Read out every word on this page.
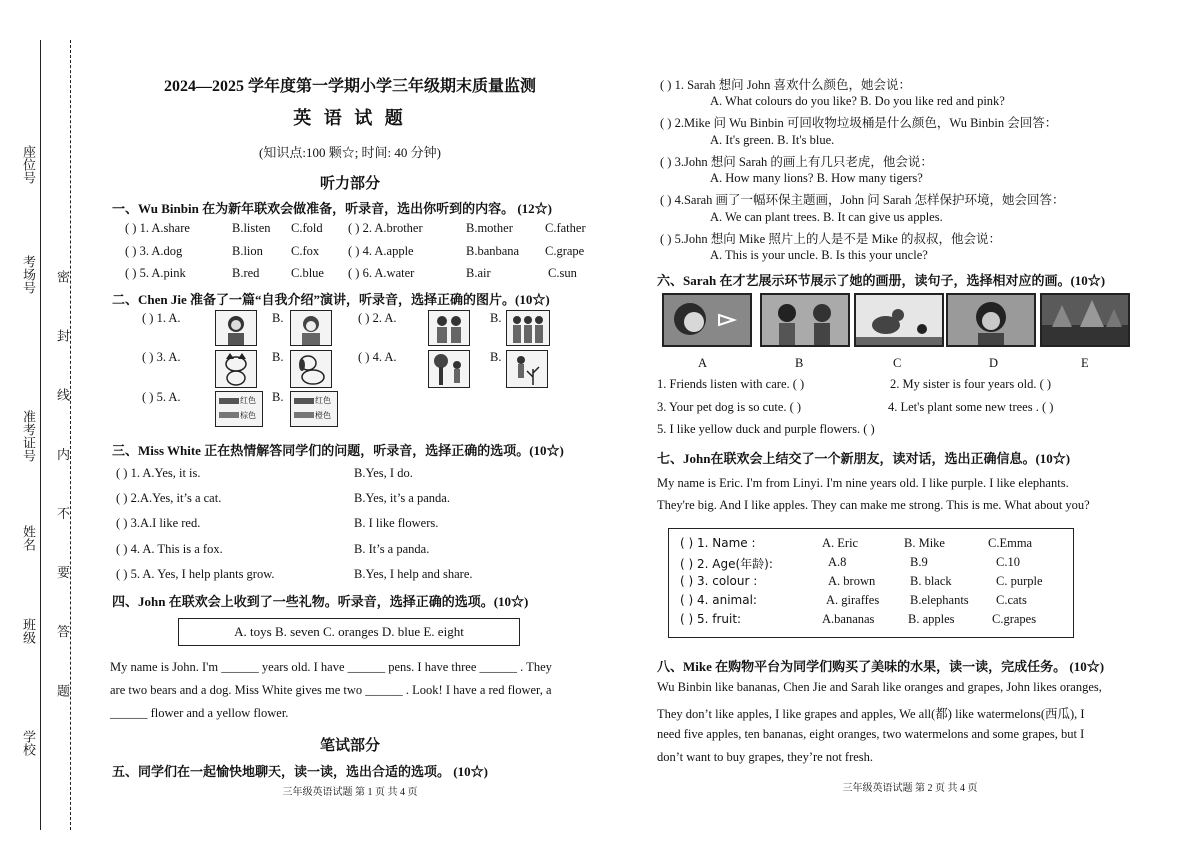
座位号
考场号
准考证号
姓名
班级
学校
密 封 线 内 不 要 答 题
2024—2025 学年度第一学期小学三年级期末质量监测
英 语 试 题
(知识点:100 颗☆; 时间: 40 分钟)
听力部分
一、Wu Binbin 在为新年联欢会做准备，听录音，选出你听到的内容。 (12☆)
( ) 1. A.share	B.listen C.fold ( ) 2. A.brother	B.mother	C.father
( ) 3. A.dog	B.lion C.fox ( ) 4. A.apple	B.banbana C.grape
( ) 5. A.pink	B.red	C.blue ( ) 6. A.water	B.air	C.sun
二、Chen Jie 准备了一篇“自我介绍”演讲，听录音，选择正确的图片。(10☆)
( ) 1. A.	B.	( ) 2. A.	B.
( ) 3. A.	B.	( ) 4. A.	B.
( ) 5. A.	红色
棕色
B.	红色
橙色
三、Miss White 正在热情解答同学们的问题，听录音，选择正确的选项。(10☆)
( ) 1. A.Yes, it is.	B.Yes, I do.
( ) 2.A.Yes, it’s a cat.	B.Yes, it’s a panda.
( ) 3.A.I like red.	B. I like flowers.
( ) 4. A. This is a fox.	B. It’s a panda.
( ) 5. A. Yes, I help plants grow.	B.Yes, I help and share.
四、John 在联欢会上收到了一些礼物。听录音，选择正确的选项。(10☆)
A. toys B. seven C. oranges D. blue E. eight
My name is John. I'm ______ years old. I have ______ pens. I have three ______ . They
are two bears and a dog. Miss White gives me two ______ . Look! I have a red flower, a
______ flower and a yellow flower.
笔试部分
五、同学们在一起愉快地聊天，读一读，选出合适的选项。 (10☆)
三年级英语试题 第 1 页 共 4 页
( ) 1. Sarah 想问 John 喜欢什么颜色，她会说：
A. What colours do you like? B. Do you like red and pink?
( ) 2.Mike 问 Wu Binbin 可回收物垃圾桶是什么颜色，Wu Binbin 会回答：
A. It's green. B. It's blue.
( ) 3.John 想问 Sarah 的画上有几只老虎，他会说：
A. How many lions? B. How many tigers?
( ) 4.Sarah 画了一幅环保主题画，John 问 Sarah 怎样保护环境，她会回答：
A. We can plant trees. B. It can give us apples.
( ) 5.John 想向 Mike 照片上的人是不是 Mike 的叔叔，他会说：
A. This is your uncle. B. Is this your uncle?
六、Sarah 在才艺展示环节展示了她的画册，读句子，选择相对应的画。(10☆)
A	B	C	D	E
1. Friends listen with care. ( )	2. My sister is four years old. ( )
3. Your pet dog is so cute. ( )	4. Let's plant some new trees . ( )
5. I like yellow duck and purple flowers. ( )
七、John在联欢会上结交了一个新朋友，读对话，选出正确信息。(10☆)
My name is Eric. I'm from Linyi. I'm nine years old. I like purple. I like elephants.
They're big. And I like apples. They can make me strong. This is me. What about you?
( ) 1. Name :	A. Eric	B. Mike	C.Emma
( ) 2. Age(年龄):	A.8	B.9	C.10
( ) 3. colour :	A. brown	B. black	C. purple
( ) 4. animal:	A. giraffes B.elephants C.cats
( ) 5. fruit:	A.bananas	B. apples	C.grapes
八、Mike 在购物平台为同学们购买了美味的水果，读一读，完成任务。 (10☆)
Wu Binbin like bananas, Chen Jie and Sarah like oranges and grapes, John likes oranges,
They don’t like apples, I like grapes and apples, We all(都) like watermelons(西瓜), I
need five apples, ten bananas, eight oranges, two watermelons and some grapes, but I
don’t want to buy grapes, they’re not fresh.
三年级英语试题 第 2 页 共 4 页
